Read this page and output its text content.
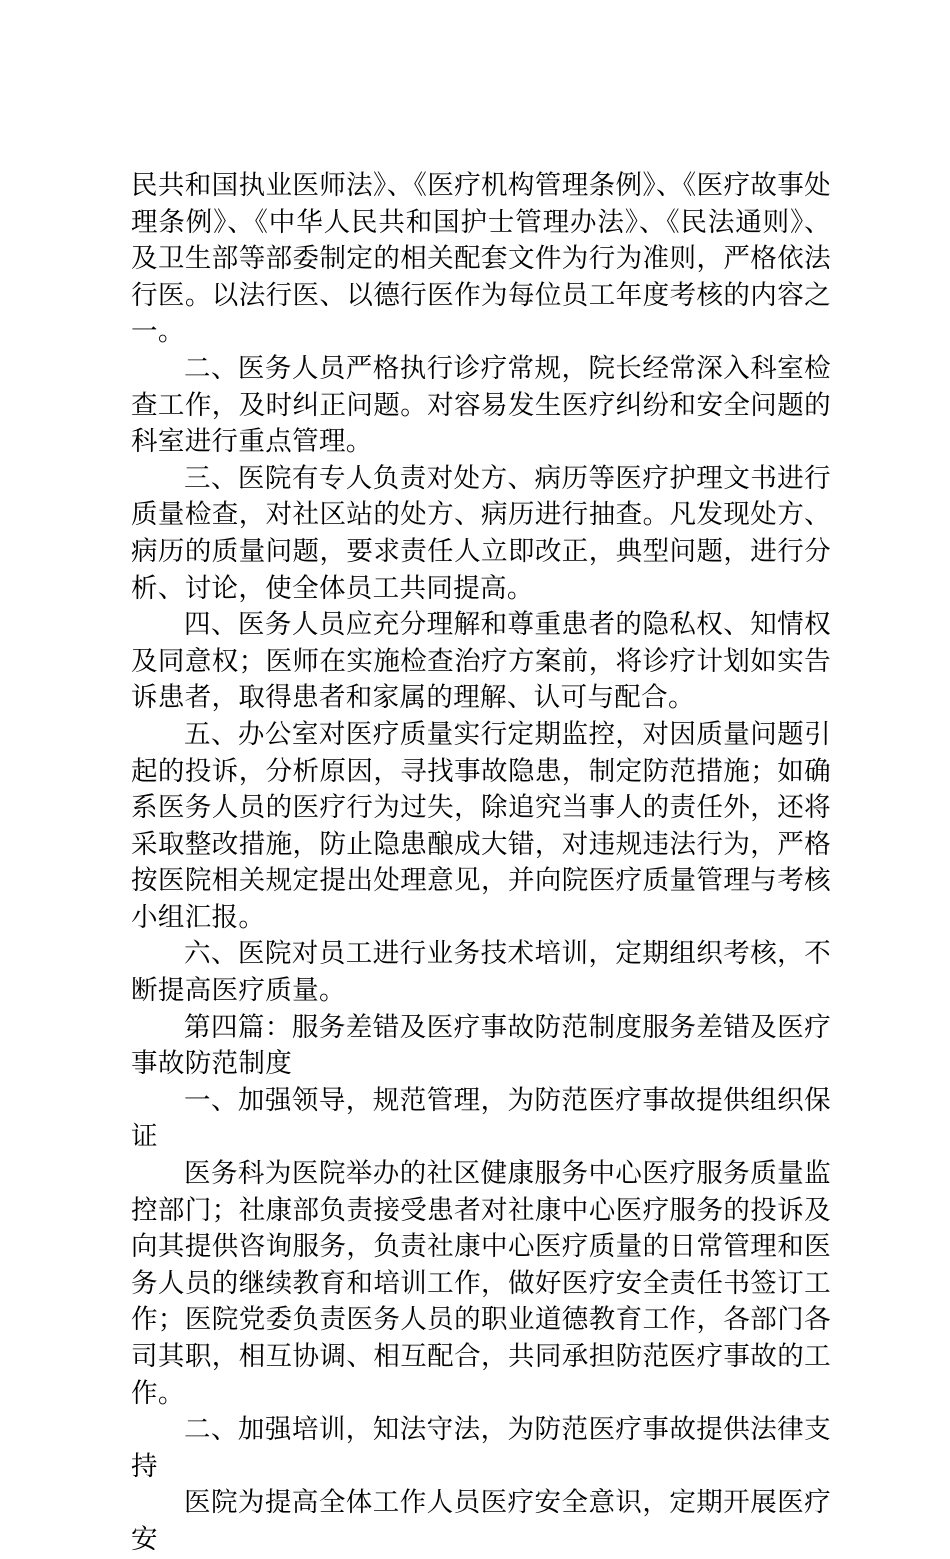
民共和国执业医师法》、《医疗机构管理条例》、《医疗故事处理条例》、《中华人民共和国护士管理办法》、《民法通则》、及卫生部等部委制定的相关配套文件为行为准则，严格依法行医。以法行医、以德行医作为每位员工年度考核的内容之一。

二、医务人员严格执行诊疗常规，院长经常深入科室检查工作，及时纠正问题。对容易发生医疗纠纷和安全问题的科室进行重点管理。

三、医院有专人负责对处方、病历等医疗护理文书进行质量检查，对社区站的处方、病历进行抽查。凡发现处方、病历的质量问题，要求责任人立即改正，典型问题，进行分析、讨论，使全体员工共同提高。

四、医务人员应充分理解和尊重患者的隐私权、知情权及同意权；医师在实施检查治疗方案前，将诊疗计划如实告诉患者，取得患者和家属的理解、认可与配合。

五、办公室对医疗质量实行定期监控，对因质量问题引起的投诉，分析原因，寻找事故隐患，制定防范措施；如确系医务人员的医疗行为过失，除追究当事人的责任外，还将采取整改措施，防止隐患酿成大错，对违规违法行为，严格按医院相关规定提出处理意见，并向院医疗质量管理与考核小组汇报。

六、医院对员工进行业务技术培训，定期组织考核，不断提高医疗质量。

第四篇：服务差错及医疗事故防范制度服务差错及医疗事故防范制度

一、加强领导，规范管理，为防范医疗事故提供组织保证

医务科为医院举办的社区健康服务中心医疗服务质量监控部门；社康部负责接受患者对社康中心医疗服务的投诉及向其提供咨询服务，负责社康中心医疗质量的日常管理和医务人员的继续教育和培训工作，做好医疗安全责任书签订工作；医院党委负责医务人员的职业道德教育工作，各部门各司其职，相互协调、相互配合，共同承担防范医疗事故的工作。

二、加强培训，知法守法，为防范医疗事故提供法律支持

医院为提高全体工作人员医疗安全意识，定期开展医疗安
